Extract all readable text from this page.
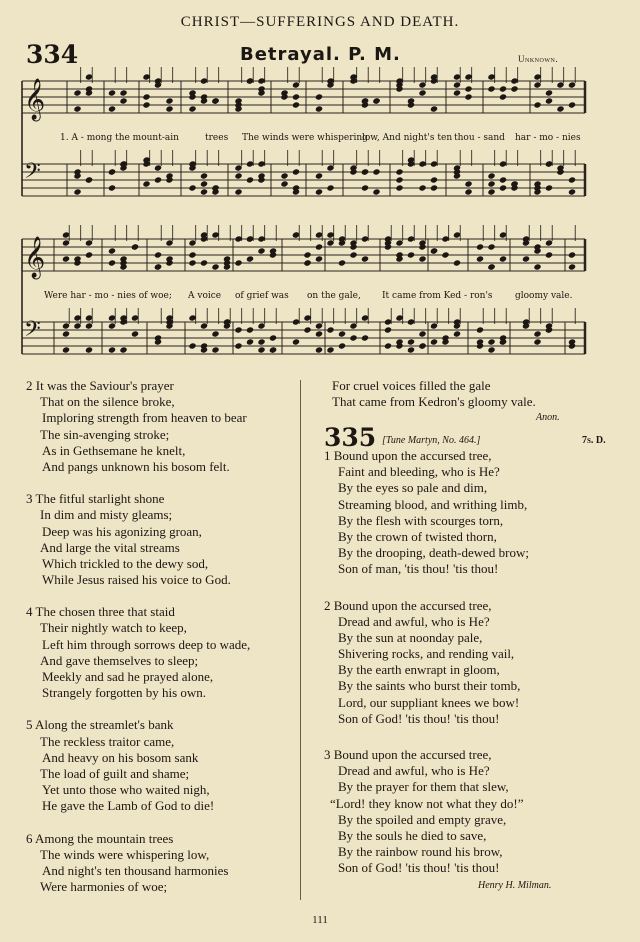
CHRIST—SUFFERINGS AND DEATH.
334	Betrayal. P. M.	Unknown.
𝄞
𝄢
𝄞
𝄢
1. A - mong the mount-ain	trees The winds were whispering
low, And night's ten thou - sand har - mo - nies
Were har - mo - nies of woe; A voice of grief was on the gale, It came from Ked - ron's gloomy vale.
2 It was the Saviour's prayer
That on the silence broke,
Imploring strength from heaven to bear
The sin-avenging stroke;
As in Gethsemane he knelt,
And pangs unknown his bosom felt.
3 The fitful starlight shone
In dim and misty gleams;
Deep was his agonizing groan,
And large the vital streams
Which trickled to the dewy sod,
While Jesus raised his voice to God.
4 The chosen three that staid
Their nightly watch to keep,
Left him through sorrows deep to wade,
And gave themselves to sleep;
Meekly and sad he prayed alone,
Strangely forgotten by his own.
5 Along the streamlet's bank
The reckless traitor came,
And heavy on his bosom sank
The load of guilt and shame;
Yet unto those who waited nigh,
He gave the Lamb of God to die!
6 Among the mountain trees
The winds were whispering low,
And night's ten thousand harmonies
Were harmonies of woe;
For cruel voices filled the gale
That came from Kedron's gloomy vale.
Anon.
335 [Tune Martyn, No. 464.]	7s. D.
1 Bound upon the accursed tree,
Faint and bleeding, who is He?
By the eyes so pale and dim,
Streaming blood, and writhing limb,
By the flesh with scourges torn,
By the crown of twisted thorn,
By the drooping, death-dewed brow;
Son of man, 'tis thou! 'tis thou!
2 Bound upon the accursed tree,
Dread and awful, who is He?
By the sun at noonday pale,
Shivering rocks, and rending vail,
By the earth enwrapt in gloom,
By the saints who burst their tomb,
Lord, our suppliant knees we bow!
Son of God! 'tis thou! 'tis thou!
3 Bound upon the accursed tree,
Dread and awful, who is He?
By the prayer for them that slew,
“Lord! they know not what they do!”
By the spoiled and empty grave,
By the souls he died to save,
By the rainbow round his brow,
Son of God! 'tis thou! 'tis thou!
Henry H. Milman.
111
